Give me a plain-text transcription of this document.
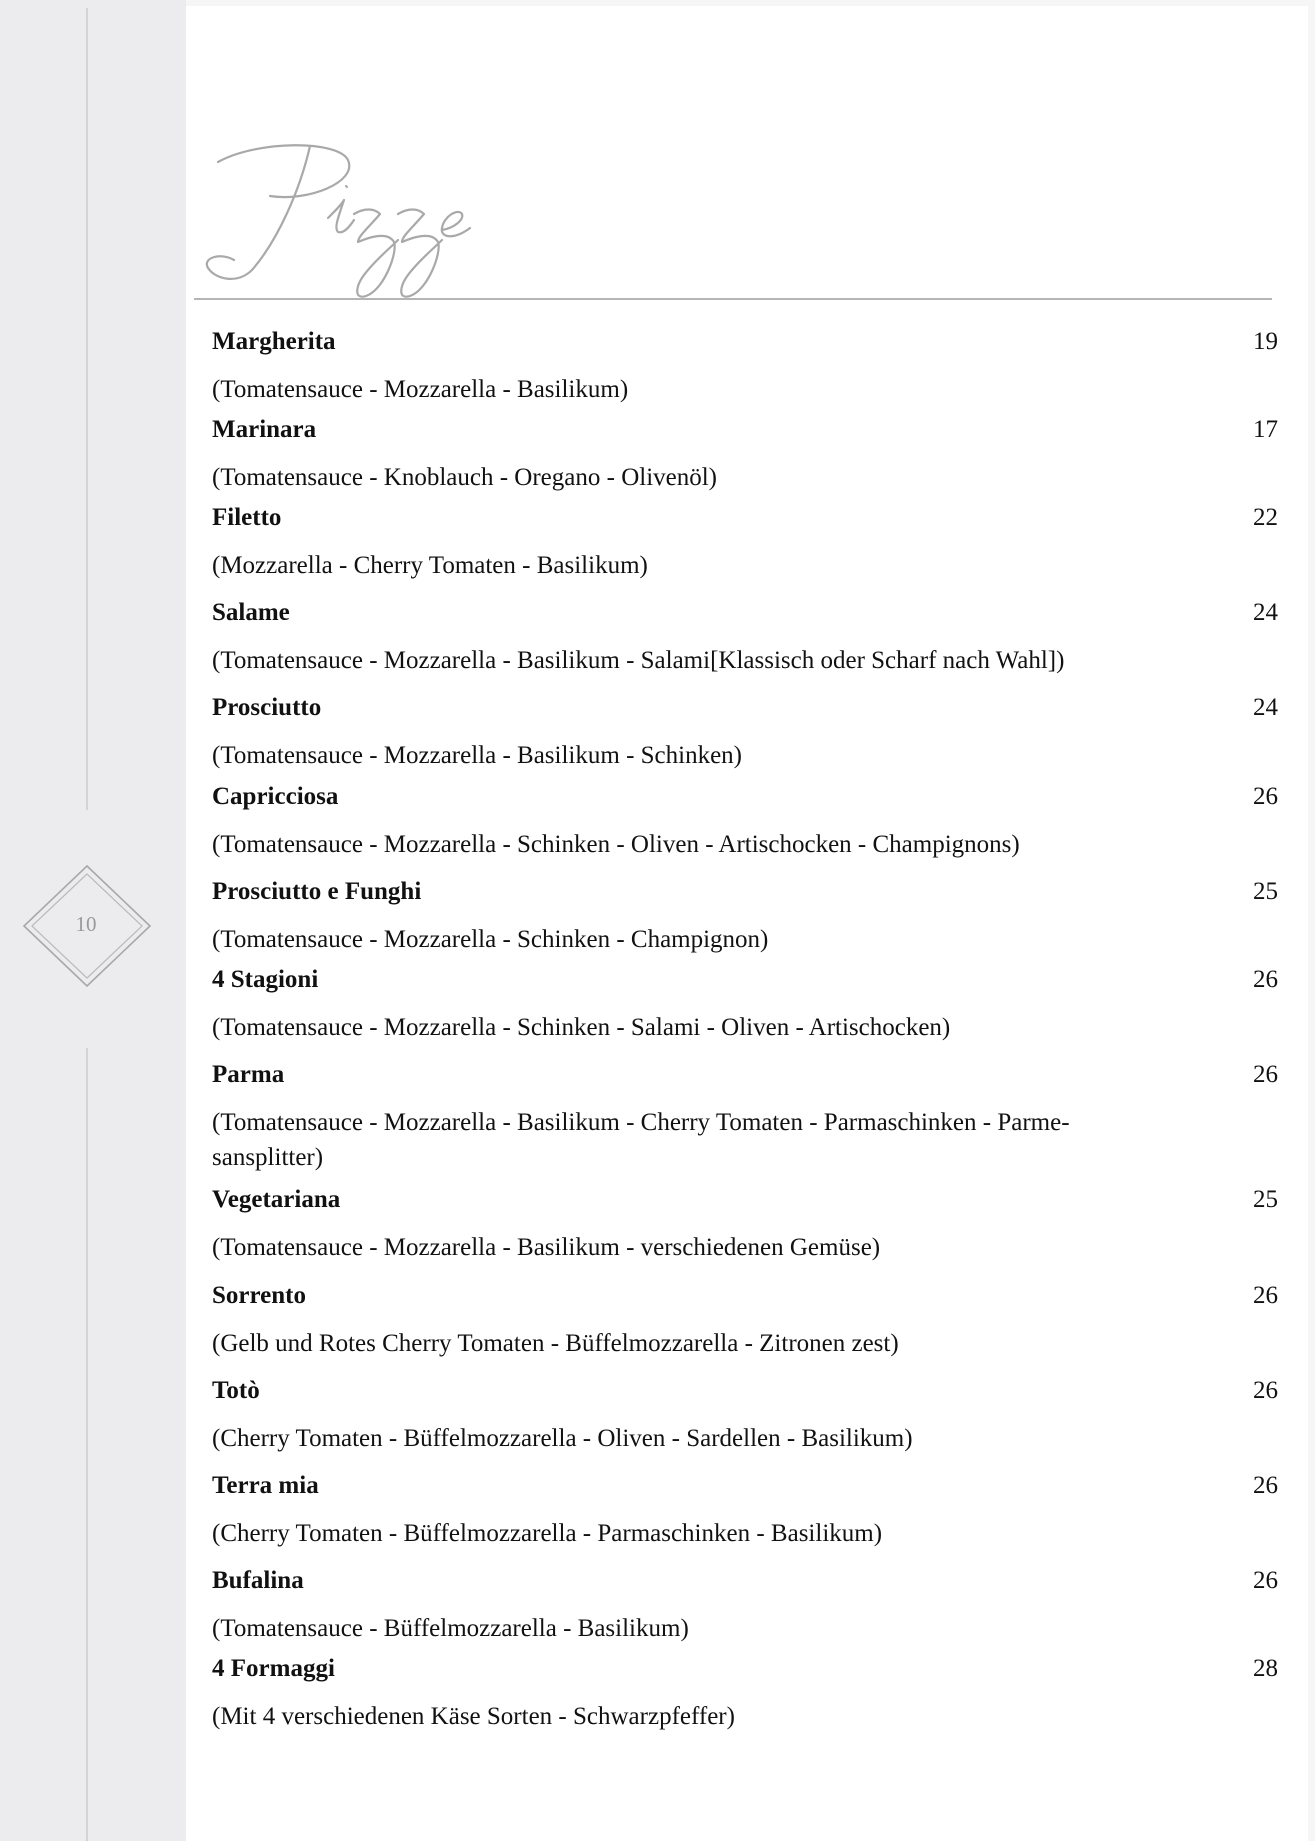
10
Margherita	19
(Tomatensauce - Mozzarella - Basilikum)
Marinara	17
(Tomatensauce - Knoblauch - Oregano - Olivenöl)
Filetto	22
(Mozzarella - Cherry Tomaten - Basilikum)
Salame	24
(Tomatensauce - Mozzarella - Basilikum - Salami[Klassisch oder Scharf nach Wahl])
Prosciutto	24
(Tomatensauce - Mozzarella - Basilikum - Schinken)
Capricciosa	26
(Tomatensauce - Mozzarella - Schinken - Oliven - Artischocken - Champignons)
Prosciutto e Funghi	25
(Tomatensauce - Mozzarella - Schinken - Champignon)
4 Stagioni	26
(Tomatensauce - Mozzarella - Schinken - Salami - Oliven - Artischocken)
Parma	26
(Tomatensauce - Mozzarella - Basilikum - Cherry Tomaten - Parmaschinken - Parme-
sansplitter)
Vegetariana	25
(Tomatensauce - Mozzarella - Basilikum - verschiedenen Gemüse)
Sorrento	26
(Gelb und Rotes Cherry Tomaten - Büffelmozzarella - Zitronen zest)
Totò	26
(Cherry Tomaten - Büffelmozzarella - Oliven - Sardellen - Basilikum)
Terra mia	26
(Cherry Tomaten - Büffelmozzarella - Parmaschinken - Basilikum)
Bufalina	26
(Tomatensauce - Büffelmozzarella - Basilikum)
4 Formaggi	28
(Mit 4 verschiedenen Käse Sorten - Schwarzpfeffer)
